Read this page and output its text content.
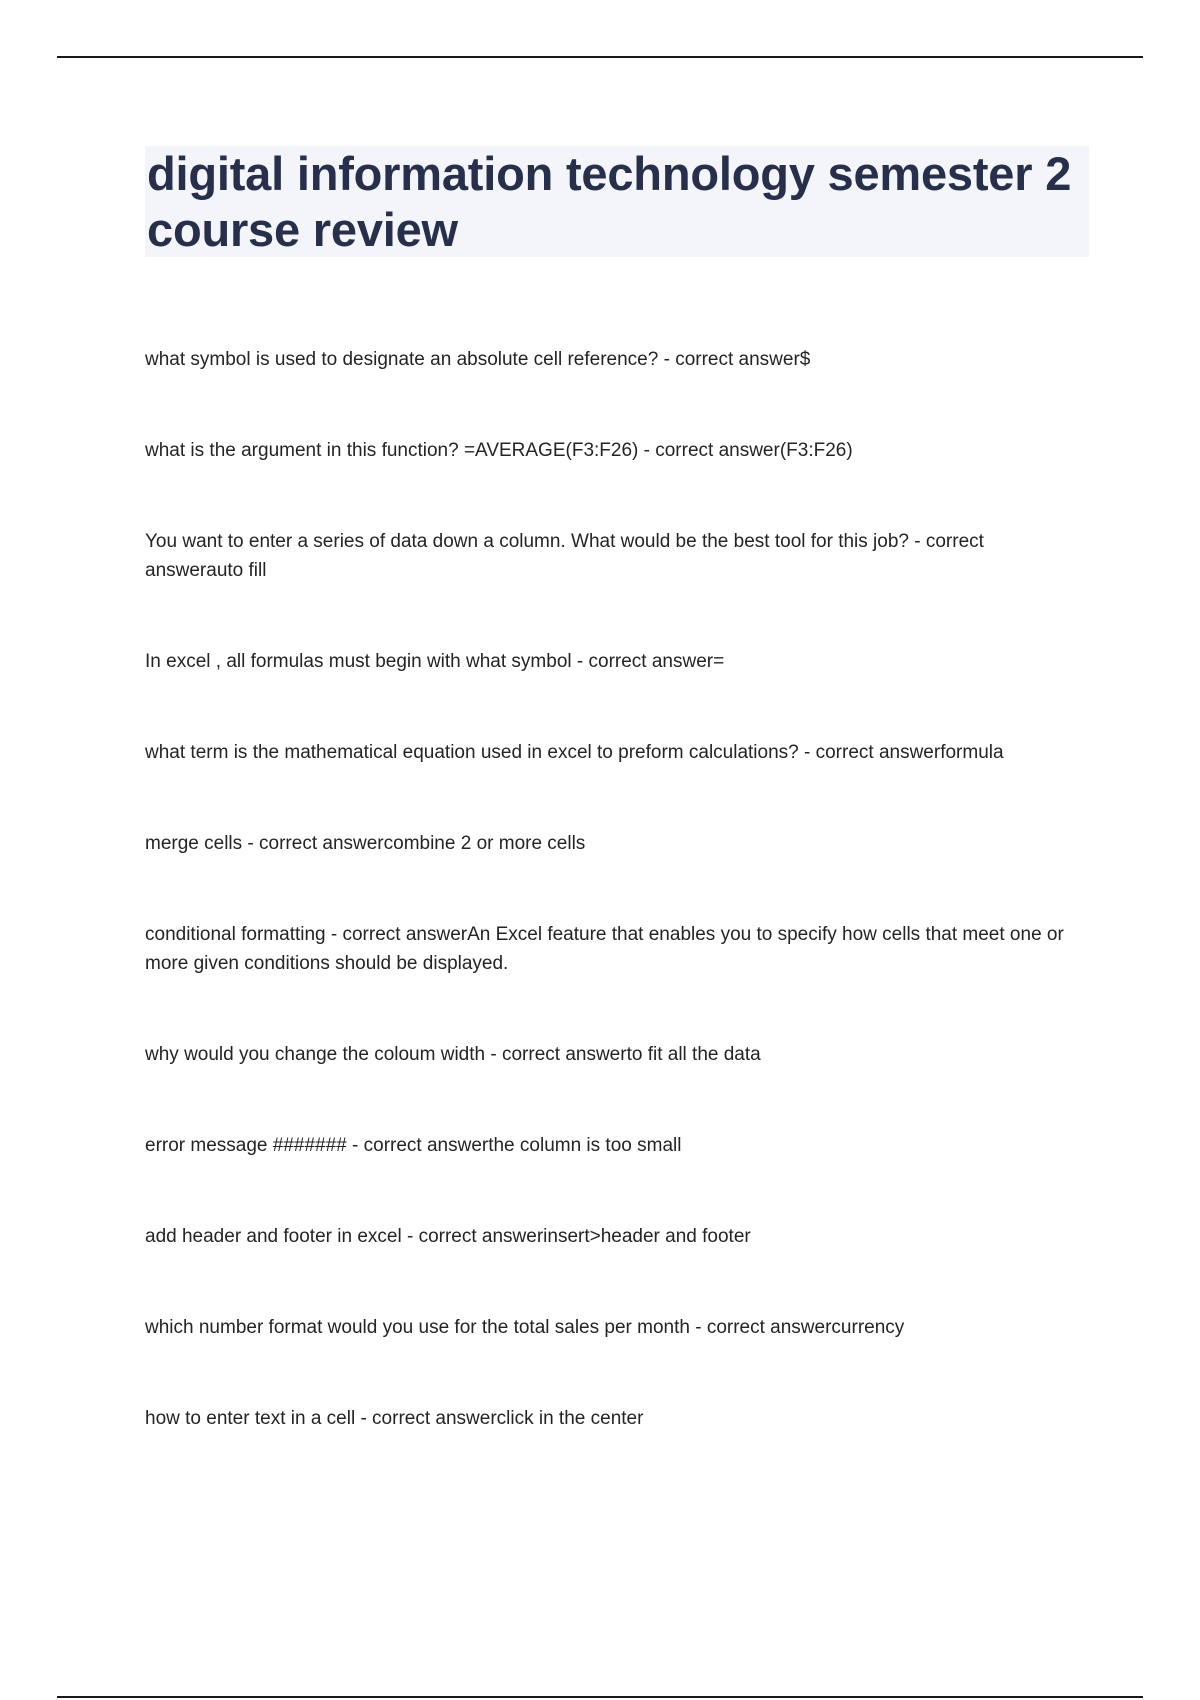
digital information technology semester 2 course review
what symbol is used to designate an absolute cell reference? - correct answer$
what is the argument in this function? =AVERAGE(F3:F26) - correct answer(F3:F26)
You want to enter a series of data down a column. What would be the best tool for this job? - correct answerauto fill
In excel , all formulas must begin with what symbol - correct answer=
what term is the mathematical equation used in excel to preform calculations? - correct answerformula
merge cells - correct answercombine 2 or more cells
conditional formatting - correct answerAn Excel feature that enables you to specify how cells that meet one or more given conditions should be displayed.
why would you change the coloum width - correct answerto fit all the data
error message ####### - correct answerthe column is too small
add header and footer in excel - correct answerinsert>header and footer
which number format would you use for the total sales per month - correct answercurrency
how to enter text in a cell - correct answerclick in the center
